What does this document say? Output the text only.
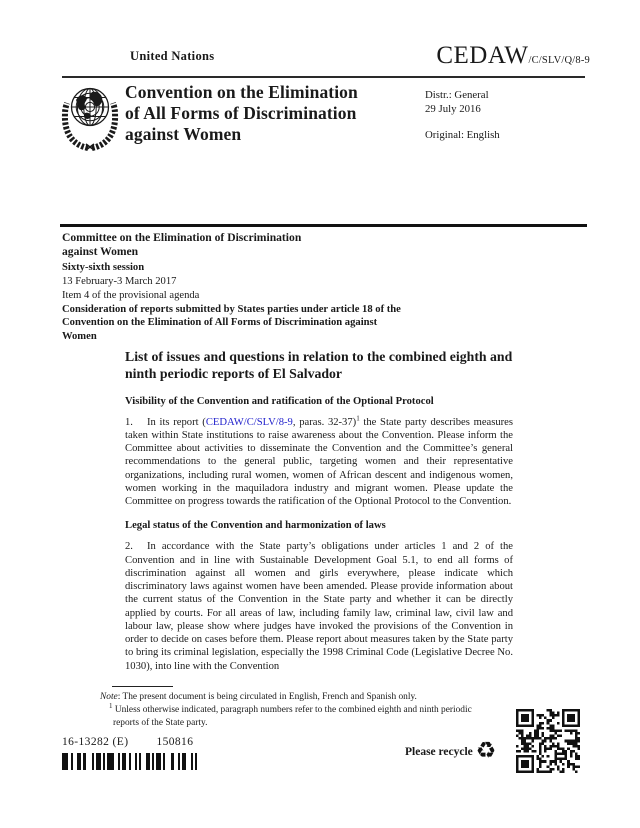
United Nations	CEDAW /C/SLV/Q/8-9
Convention on the Elimination
of All Forms of Discrimination
against Women
Distr.: General
29 July 2016
Original: English
Committee on the Elimination of Discrimination
against Women
Sixty-sixth session
13 February-3 March 2017
Item 4 of the provisional agenda
Consideration of reports submitted by States parties under article 18 of the Convention on the Elimination of All Forms of Discrimination against Women
List of issues and questions in relation to the combined eighth and ninth periodic reports of El Salvador
Visibility of the Convention and ratification of the Optional Protocol

1. In its report (CEDAW/C/SLV/8-9, paras. 32-37)$^1$ the State party describes measures taken within State institutions to raise awareness about the Convention. Please inform the Committee about activities to disseminate the Convention and the Committee’s general recommendations to the general public, targeting women and their representative organizations, including rural women, women of African descent and indigenous women, women working in the maquiladora industry and migrant women. Please update the Committee on progress towards the ratification of the Optional Protocol to the Convention.

Legal status of the Convention and harmonization of laws

2. In accordance with the State party’s obligations under articles 1 and 2 of the Convention and in line with Sustainable Development Goal 5.1, to end all forms of discrimination against all women and girls everywhere, please indicate which discriminatory laws against women have been amended. Please provide information about the current status of the Convention in the State party and whether it can be directly applied by courts. For all areas of law, including family law, criminal law, civil law and labour law, please show where judges have invoked the provisions of the Convention in order to decide on cases before them. Please report about measures taken by the State party to bring its criminal legislation, especially the 1998 Criminal Code (Legislative Decree No. 1030), into line with the Convention

Note: The present document is being circulated in English, French and Spanish only.
$^1$ Unless otherwise indicated, paragraph numbers refer to the combined eighth and ninth periodic reports of the State party.
16-13282 (E) 150816
Please recycle ♻
